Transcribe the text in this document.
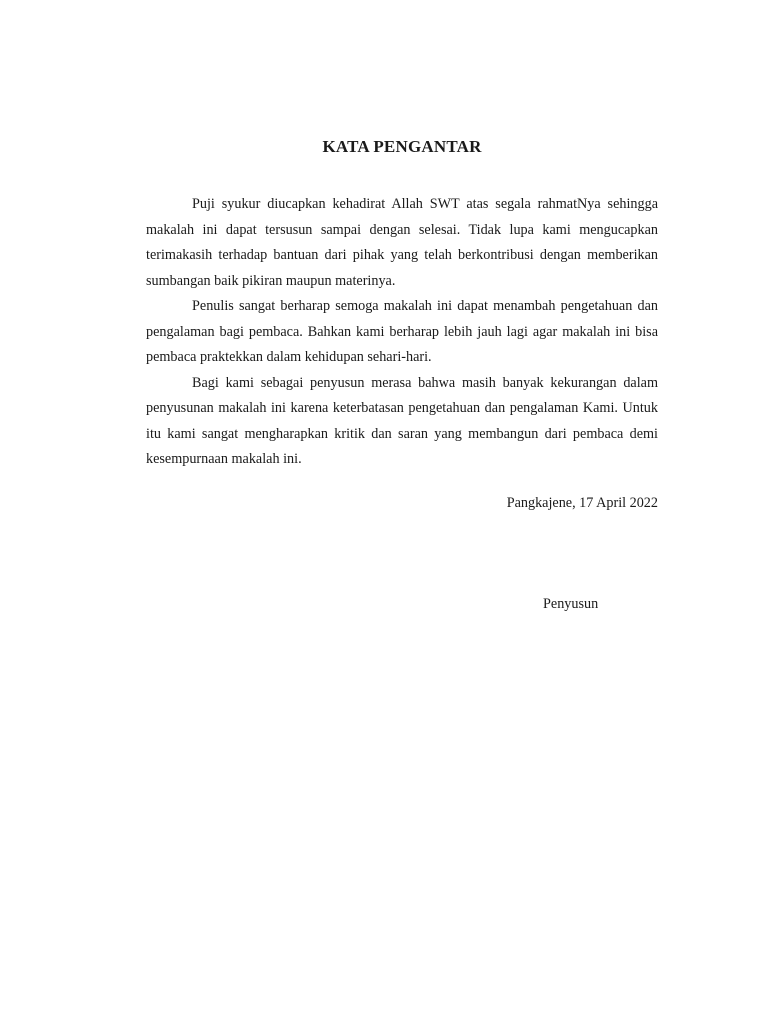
KATA PENGANTAR

Puji syukur diucapkan kehadirat Allah SWT atas segala rahmatNya sehingga makalah ini dapat tersusun sampai dengan selesai. Tidak lupa kami mengucapkan terimakasih terhadap bantuan dari pihak yang telah berkontribusi dengan memberikan sumbangan baik pikiran maupun materinya.

Penulis sangat berharap semoga makalah ini dapat menambah pengetahuan dan pengalaman bagi pembaca. Bahkan kami berharap lebih jauh lagi agar makalah ini bisa pembaca praktekkan dalam kehidupan sehari-hari.

Bagi kami sebagai penyusun merasa bahwa masih banyak kekurangan dalam penyusunan makalah ini karena keterbatasan pengetahuan dan pengalaman Kami. Untuk itu kami sangat mengharapkan kritik dan saran yang membangun dari pembaca demi kesempurnaan makalah ini.

Pangkajene, 17 April 2022

Penyusun
